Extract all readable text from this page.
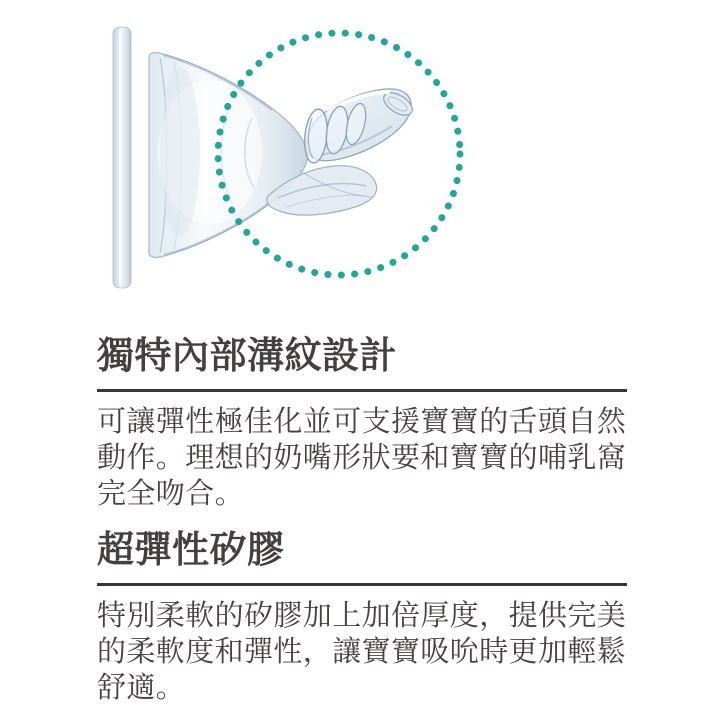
獨特內部溝紋設計

可讓彈性極佳化並可支援寶寶的舌頭自然
動作。理想的奶嘴形狀要和寶寶的哺乳窩
完全吻合。

超彈性矽膠

特別柔軟的矽膠加上加倍厚度，提供完美
的柔軟度和彈性，讓寶寶吸吮時更加輕鬆
舒適。
